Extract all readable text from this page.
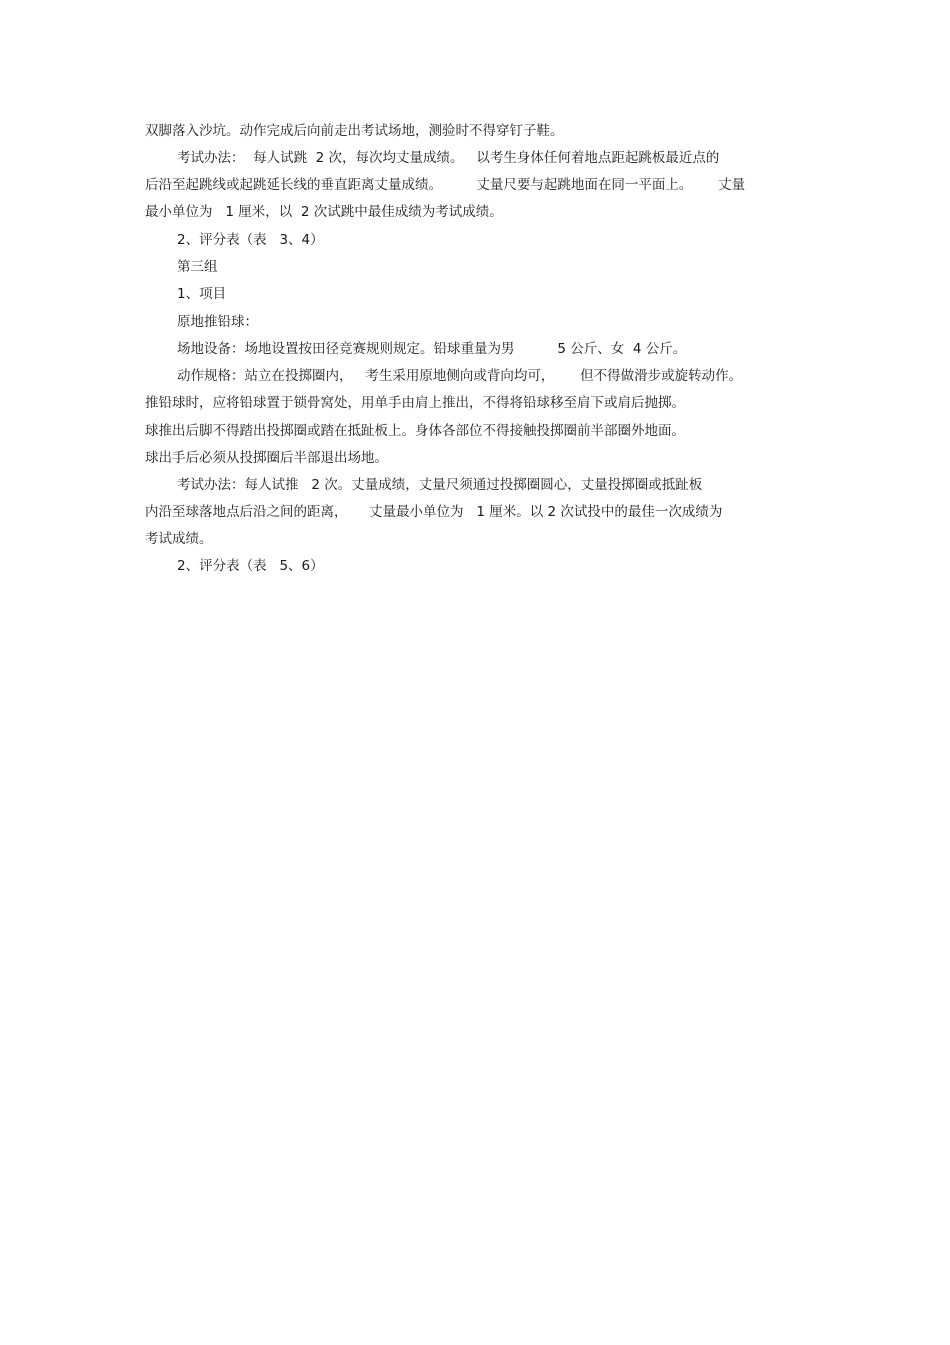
双脚落入沙坑。动作完成后向前走出考试场地，测验时不得穿钉子鞋。
考试办法：  每人试跳  2 次，每次均丈量成绩。   以考生身体任何着地点距起跳板最近点的
后沿至起跳线或起跳延长线的垂直距离丈量成绩。        丈量尺要与起跳地面在同一平面上。      丈量
最小单位为   1 厘米，以  2 次试跳中最佳成绩为考试成绩。
2、评分表（表   3、4）
第三组
1、项目
原地推铅球：
场地设备：场地设置按田径竞赛规则规定。铅球重量为男          5 公斤、女  4 公斤。
动作规格：站立在投掷圈内，   考生采用原地侧向或背向均可，      但不得做滑步或旋转动作。
推铅球时，应将铅球置于锁骨窝处，用单手由肩上推出，不得将铅球移至肩下或肩后抛掷。
球推出后脚不得踏出投掷圈或踏在抵趾板上。身体各部位不得接触投掷圈前半部圈外地面。
球出手后必须从投掷圈后半部退出场地。
考试办法：每人试推   2 次。丈量成绩，丈量尺须通过投掷圈圆心，丈量投掷圈或抵趾板
内沿至球落地点后沿之间的距离，     丈量最小单位为   1 厘米。以 2 次试投中的最佳一次成绩为
考试成绩。
2、评分表（表   5、6）
